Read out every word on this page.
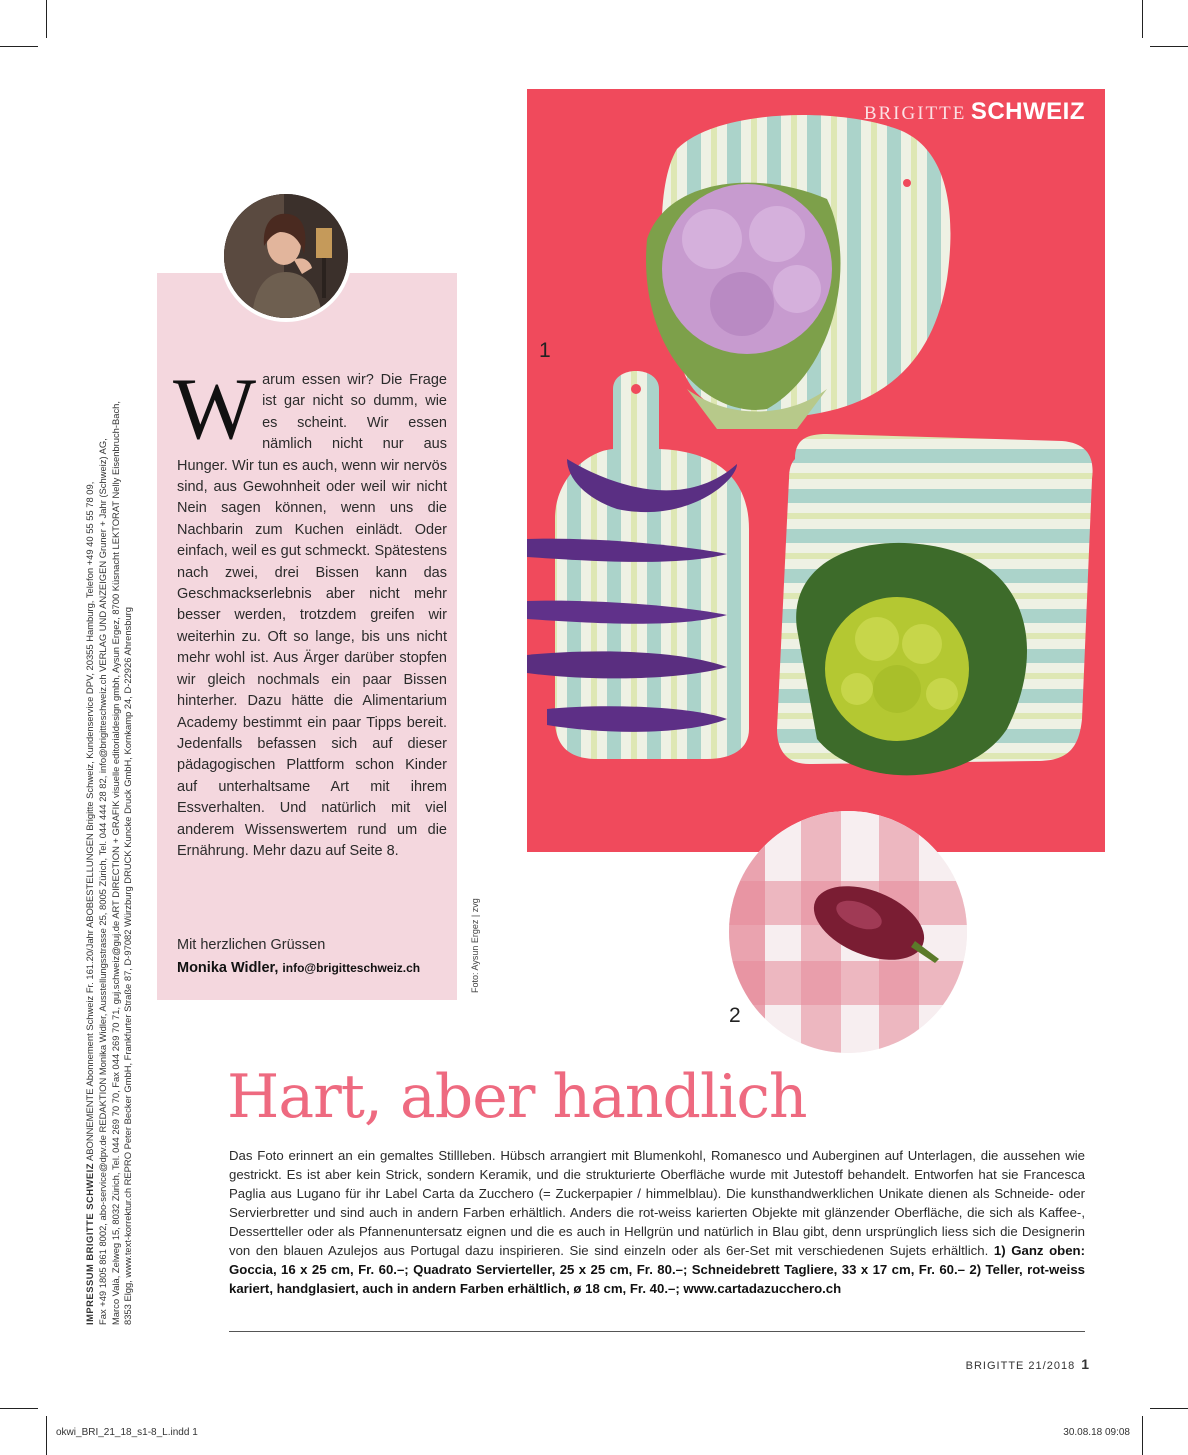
IMPRESSUM BRIGITTE SCHWEIZ ABONNEMENTE Abonnement Schweiz Fr. 161.20/Jahr ABOBESTELLUNGEN Brigitte Schweiz, Kundenservice DPV, 20355 Hamburg, Telefon +49 40 55 55 78 09, Fax +49 1805 861 8002, abo-service@dpv.de REDAKTION Monika Widler, Ausstellungsstrasse 25, 8005 Zürich, Tel. 044 444 28 82, info@brigitteschweiz.ch VERLAG UND ANZEIGEN Gruner + Jahr (Schweiz) AG, Marco Valà, Zelweg 15, 8032 Zürich, Tel. 044 269 70 70, Fax 044 269 70 71, guj.schweiz@guj.de ART DIRECTION + GRAFIK visuelle editorialdesign gmbh, Aysun Ergez, 8700 Küsnacht LEKTORAT Nelly Eisenbruch-Bach, 8353 Elgg, www.text-korrektur.ch REPRO Peter Becker GmbH, Frankfurter Straße 87, D-97082 Würzburg DRUCK Kuncke Druck GmbH, Kornkamp 24, D-22926 Ahrensburg

Warum essen wir? Die Frage ist gar nicht so dumm, wie es scheint. Wir essen nämlich nicht nur aus Hunger. Wir tun es auch, wenn wir nervös sind, aus Gewohnheit oder weil wir nicht Nein sagen können, wenn uns die Nachbarin zum Kuchen einlädt. Oder einfach, weil es gut schmeckt. Spätestens nach zwei, drei Bissen kann das Geschmackserlebnis aber nicht mehr besser werden, trotzdem greifen wir weiterhin zu. Oft so lange, bis uns nicht mehr wohl ist. Aus Ärger darüber stopfen wir gleich nochmals ein paar Bissen hinterher. Dazu hätte die Alimentarium Academy bestimmt ein paar Tipps bereit. Jedenfalls befassen sich auf dieser pädagogischen Plattform schon Kinder auf unterhaltsame Art mit ihrem Essverhalten. Und natürlich mit viel anderem Wissenswertem rund um die Ernährung. Mehr dazu auf Seite 8.
Mit herzlichen Grüssen
Monika Widler, info@brigitteschweiz.ch	Foto: Aysun Ergez | zvg
BRIGITTE SCHWEIZ
1
2
Hart, aber handlich
Das Foto erinnert an ein gemaltes Stillleben. Hübsch arrangiert mit Blumenkohl, Romanesco und Auberginen auf Unterlagen, die aussehen wie gestrickt. Es ist aber kein Strick, sondern Keramik, und die strukturierte Oberfläche wurde mit Jutestoff behandelt. Entworfen hat sie Francesca Paglia aus Lugano für ihr Label Carta da Zucchero (= Zuckerpapier / himmelblau). Die kunsthandwerklichen Unikate dienen als Schneide- oder Servierbretter und sind auch in andern Farben erhältlich. Anders die rot-weiss karierten Objekte mit glänzender Oberfläche, die sich als Kaffee-, Dessertteller oder als Pfannenuntersatz eignen und die es auch in Hellgrün und natürlich in Blau gibt, denn ursprünglich liess sich die Designerin von den blauen Azulejos aus Portugal dazu inspirieren. Sie sind einzeln oder als 6er-Set mit verschiedenen Sujets erhältlich. 1) Ganz oben: Goccia, 16 x 25 cm, Fr. 60.–; Quadrato Servierteller, 25 x 25 cm, Fr. 80.–; Schneidebrett Tagliere, 33 x 17 cm, Fr. 60.– 2) Teller, rot-weiss kariert, handglasiert, auch in andern Farben erhältlich, ø 18 cm, Fr. 40.–; www.cartadazucchero.ch
BRIGITTE 21/2018 1
okwi_BRI_21_18_s1-8_L.indd 1	30.08.18 09:08
